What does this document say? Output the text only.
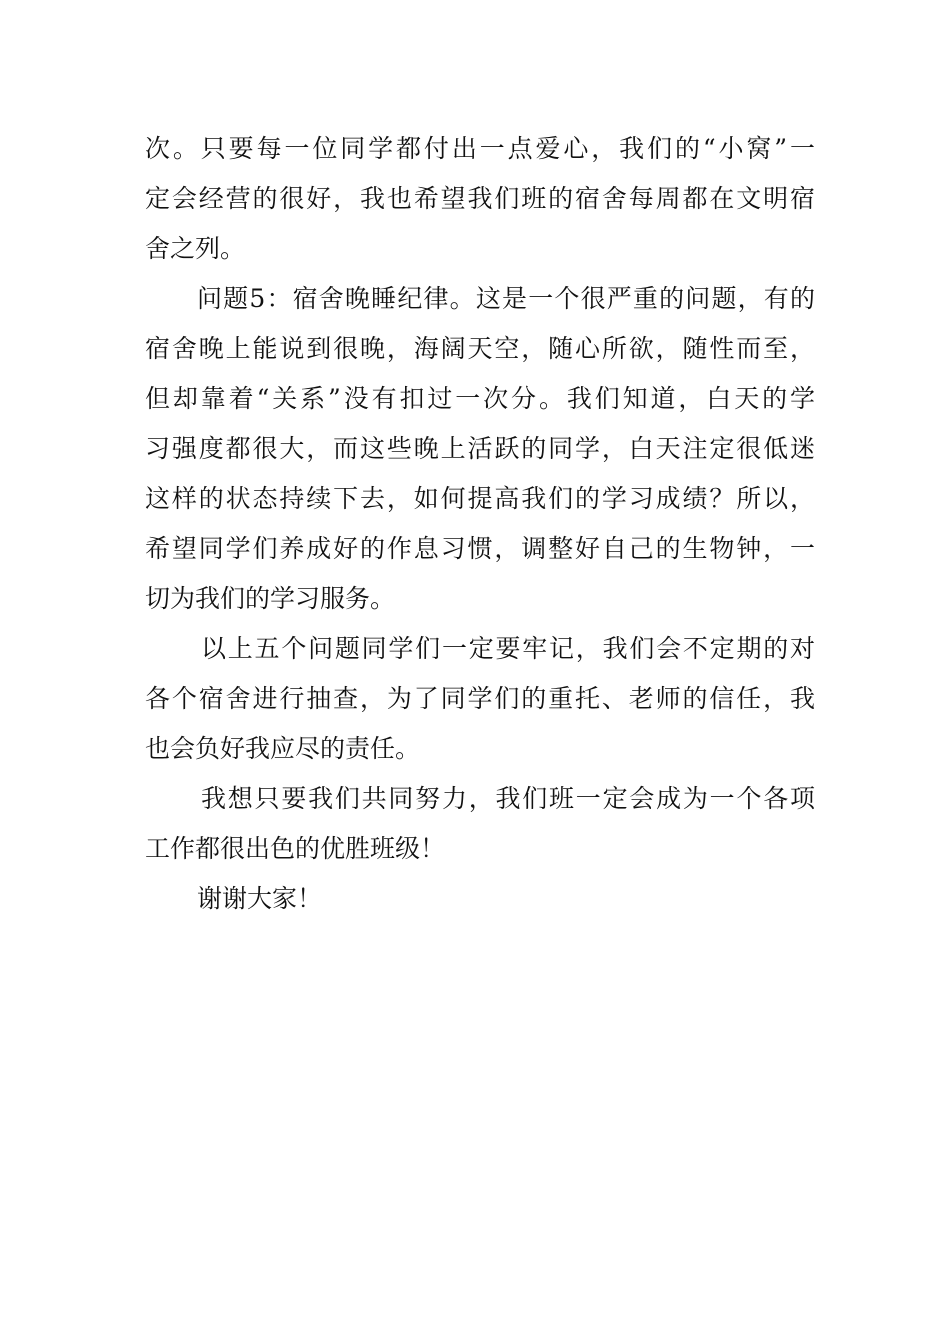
次。只要每一位同学都付出一点爱心，我们的“小窝”一
定会经营的很好，我也希望我们班的宿舍每周都在文明宿
舍之列。
问题5：宿舍晚睡纪律。这是一个很严重的问题，有的
宿舍晚上能说到很晚，海阔天空，随心所欲，随性而至，
但却靠着“关系”没有扣过一次分。我们知道，白天的学
习强度都很大，而这些晚上活跃的同学，白天注定很低迷
这样的状态持续下去，如何提高我们的学习成绩？所以，
希望同学们养成好的作息习惯，调整好自己的生物钟，一
切为我们的学习服务。
以上五个问题同学们一定要牢记，我们会不定期的对
各个宿舍进行抽查，为了同学们的重托、老师的信任，我
也会负好我应尽的责任。
我想只要我们共同努力，我们班一定会成为一个各项
工作都很出色的优胜班级！
谢谢大家！
